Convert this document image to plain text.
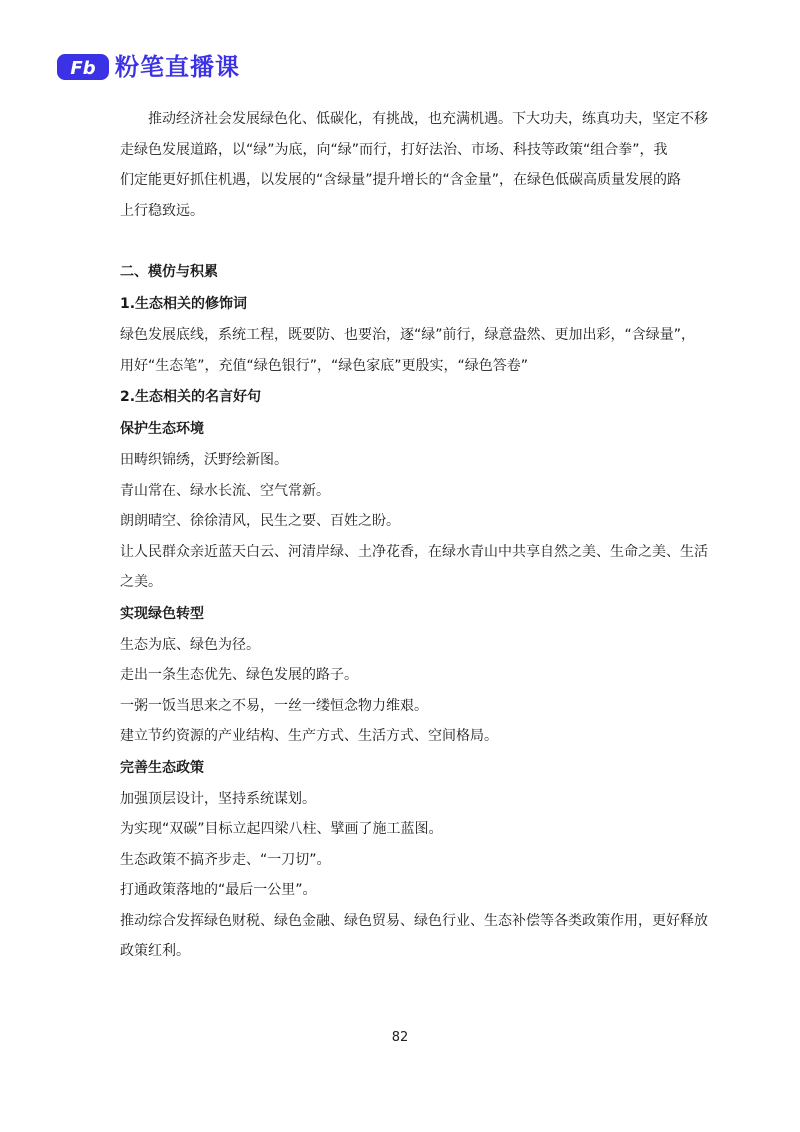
Fb 粉笔直播课

推动经济社会发展绿色化、低碳化，有挑战，也充满机遇。下大功夫，练真功夫，坚定不移

走绿色发展道路，以“绿”为底，向“绿”而行，打好法治、市场、科技等政策“组合拳”，我

们定能更好抓住机遇，以发展的“含绿量”提升增长的“含金量”，在绿色低碳高质量发展的路

上行稳致远。

二、模仿与积累

1.生态相关的修饰词

绿色发展底线，系统工程，既要防、也要治，逐“绿”前行，绿意盎然、更加出彩，“含绿量”，

用好“生态笔”，充值“绿色银行”，“绿色家底”更殷实，“绿色答卷”

2.生态相关的名言好句

保护生态环境

田畴织锦绣，沃野绘新图。

青山常在、绿水长流、空气常新。

朗朗晴空、徐徐清风，民生之要、百姓之盼。

让人民群众亲近蓝天白云、河清岸绿、土净花香，在绿水青山中共享自然之美、生命之美、生活

之美。

实现绿色转型

生态为底、绿色为径。

走出一条生态优先、绿色发展的路子。

一粥一饭当思来之不易，一丝一缕恒念物力维艰。

建立节约资源的产业结构、生产方式、生活方式、空间格局。

完善生态政策

加强顶层设计，坚持系统谋划。

为实现“双碳”目标立起四梁八柱、擘画了施工蓝图。

生态政策不搞齐步走、“一刀切”。

打通政策落地的“最后一公里”。

推动综合发挥绿色财税、绿色金融、绿色贸易、绿色行业、生态补偿等各类政策作用，更好释放

政策红利。

82
